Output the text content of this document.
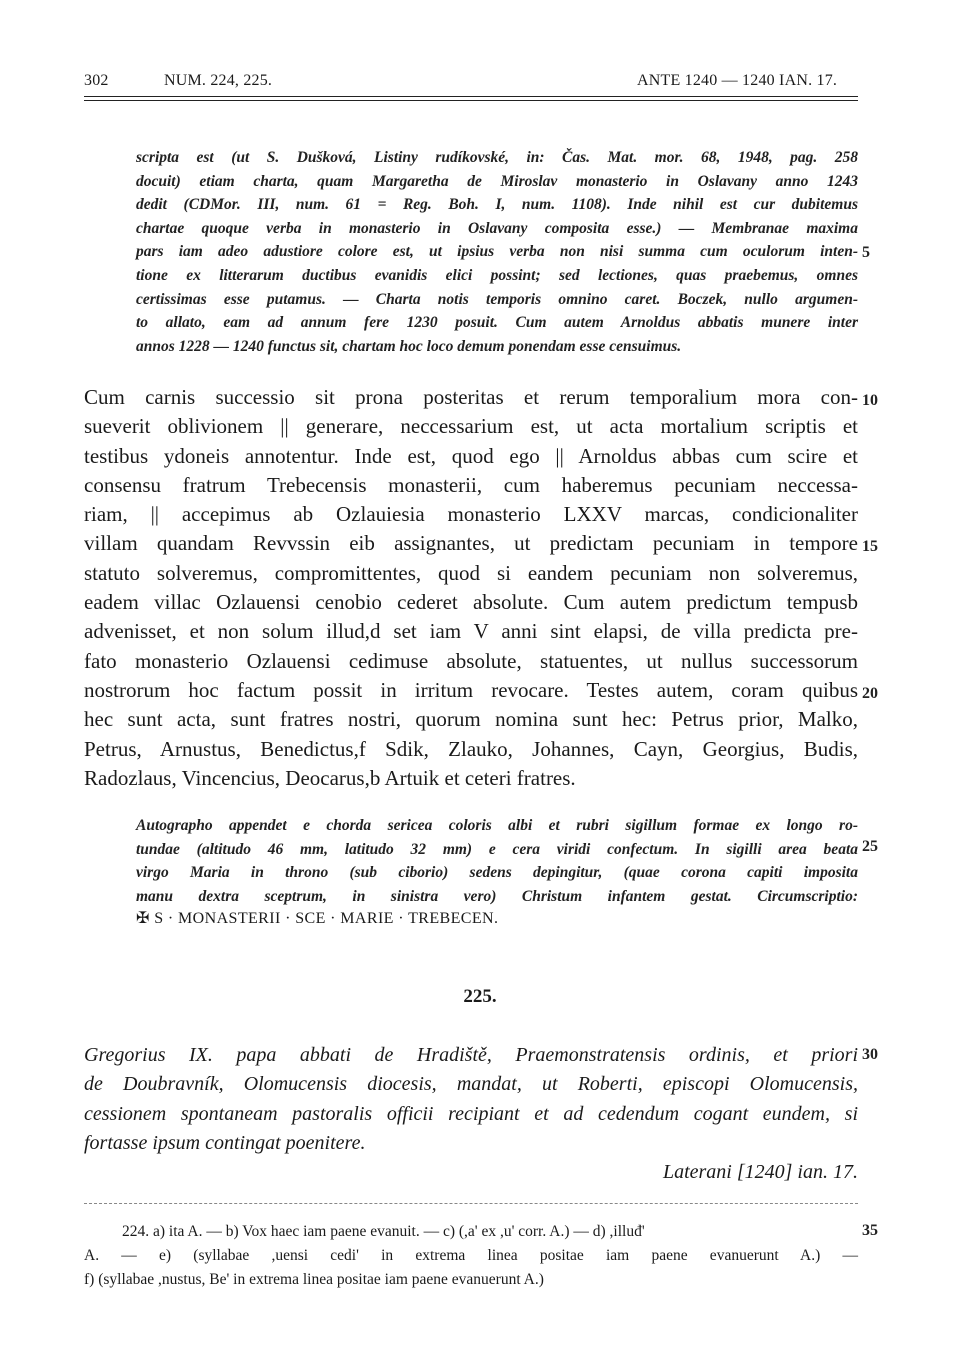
302	NUM. 224, 225.	ANTE 1240 — 1240 IAN. 17.
scripta est (ut S. Dušková, Listiny rudíkovské, in: Čas. Mat. mor. 68, 1948, pag. 258
docuit) etiam charta, quam Margaretha de Miroslav monasterio in Oslavany anno 1243
dedit (CDMor. III, num. 61 = Reg. Boh. I, num. 1108). Inde nihil est cur dubitemus
chartae quoque verba in monasterio in Oslavany composita esse.) — Membranae maxima
pars iam adeo adustiore colore est, ut ipsius verba non nisi summa cum oculorum inten-
tione ex litterarum ductibus evanidis elici possint; sed lectiones, quas praebemus, omnes
certissimas esse putamus. — Charta notis temporis omnino caret. Boczek, nullo argumen-
to allato, eam ad annum fere 1230 posuit. Cum autem Arnoldus abbatis munere inter
annos 1228 — 1240 functus sit, chartam hoc loco demum ponendam esse censuimus.
5
Cum carnis successio sit prona posteritas et rerum temporalium mora con-
sueverit oblivionem || generare, neccessarium est, ut acta mortalium scriptis et
testibus ydoneis annotentur. Inde est, quod ego || Arnoldus abbas cum scire et
consensu fratrum Trebecensis monasterii, cum haberemus pecuniam neccessa-
riam, || accepimus ab Ozlauiesia monasterio LXXV marcas, condicionaliter
villam quandam Revvssin eib assignantes, ut predictam pecuniam in tempore
statuto solveremus, compromittentes, quod si eandem pecuniam non solveremus,
eadem villac Ozlauensi cenobio cederet absolute. Cum autem predictum tempusb
advenisset, et non solum illud,d set iam V anni sint elapsi, de villa predicta pre-
fato monasterio Ozlauensi cedimuse absolute, statuentes, ut nullus successorum
nostrorum hoc factum possit in irritum revocare. Testes autem, coram quibus
hec sunt acta, sunt fratres nostri, quorum nomina sunt hec: Petrus prior, Malko,
Petrus, Arnustus, Benedictus,f Sdik, Zlauko, Johannes, Cayn, Georgius, Budis,
Radozlaus, Vincencius, Deocarus,b Artuik et ceteri fratres.
10
15
20
Autographo appendet e chorda sericea coloris albi et rubri sigillum formae ex longo ro-
tundae (altitudo 46 mm, latitudo 32 mm) e cera viridi confectum. In sigilli area beata
virgo Maria in throno (sub ciborio) sedens depingitur, (quae corona capiti imposita
manu dextra sceptrum, in sinistra vero) Christum infantem gestat. Circumscriptio:
25
✠ S · MONASTERII · SCE · MARIE · TREBECEN.
225.
Gregorius IX. papa abbati de Hradiště, Praemonstratensis ordinis, et priori
de Doubravník, Olomucensis diocesis, mandat, ut Roberti, episcopi Olomucensis,
cessionem spontaneam pastoralis officii recipiant et ad cedendum cogant eundem, si
fortasse ipsum contingat poenitere.
30
Laterani [1240] ian. 17.
224. a) ita A. — b) Vox haec iam paene evanuit. — c) (,a' ex ,u' corr. A.) — d) ,illuđ'
A. — e) (syllabae ,uensi cedi' in extrema linea positae iam paene evanuerunt A.) —
f) (syllabae ,nustus, Be' in extrema linea positae iam paene evanuerunt A.)
35
